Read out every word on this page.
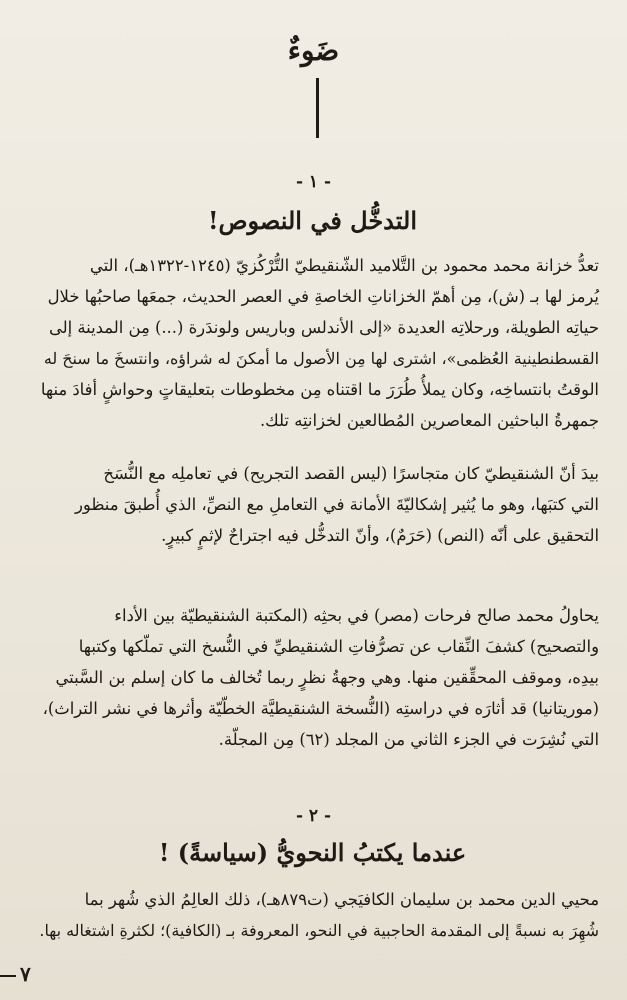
ضَوءٌ
- ١ -
التدخُّل في النصوص!
تعدُّ خزانة محمد محمود بن التَّلاميد الشّنقيطيّ التُّرْكُزيّ (١٢٤٥-١٣٢٢هـ)، التي
يُرمز لها بـ (ش)، مِن أهمّ الخزاناتِ الخاصةِ في العصر الحديث، جمعَها صاحبُها خلال
حياتِه الطويلة، ورحلاتِه العديدة «إلى الأندلس وباريس ولوندَرة (...) مِن المدينة إلى
القسطنطينية العُظمى»، اشترى لها مِن الأصول ما أمكنَ له شراؤه، وانتسخَ ما سنحَ له
الوقتُ بانتساخِه، وكان يملأُ طُرَرَ ما اقتناه مِن مخطوطات بتعليقاتٍ وحواشٍ أفادَ منها
جمهرةُ الباحثين المعاصرين المُطالعين لخزانتِه تلك.
بيدَ أنّ الشنقيطيّ كان متجاسرًا (ليس القصد التجريح) في تعاملِه مع النُّسَخ
التي كتبَها، وهو ما يُثير إشكاليّةَ الأمانة في التعاملِ مع النصِّ، الذي أُطبقَ منظور
التحقيق على أنّه (النص) (حَرَمٌ)، وأنّ التدخُّل فيه اجتراحٌ لإثمٍ كبيرٍ.
يحاولُ محمد صالح فرحات (مصر) في بحثِه (المكتبة الشنقيطيّة بين الأداء
والتصحيح) كشفَ النِّقاب عن تصرُّفاتِ الشنقيطيِّ في النُّسخ التي تملّكها وكتبها
بيدِه، وموقف المحقِّقين منها. وهي وجهةُ نظرٍ ربما تُخالف ما كان إسلم بن السَّبتي
(موريتانيا) قد أثارَه في دراستِه (النُّسخة الشنقيطيَّة الخطّيّة وأثرها في نشر التراث)،
التي نُشِرَت في الجزء الثاني من المجلد (٦٢) مِن المجلّة.
- ٢ -
عندما يكتبُ النحويُّ (سياسةً) !
محيي الدين محمد بن سليمان الكافيَجي (ت٨٧٩هـ)، ذلك العالِمُ الذي شُهر بما
شُهِرَ به نسبةً إلى المقدمة الحاجبية في النحو، المعروفة بـ (الكافية)؛ لكثرةِ اشتغاله بها.
٧
